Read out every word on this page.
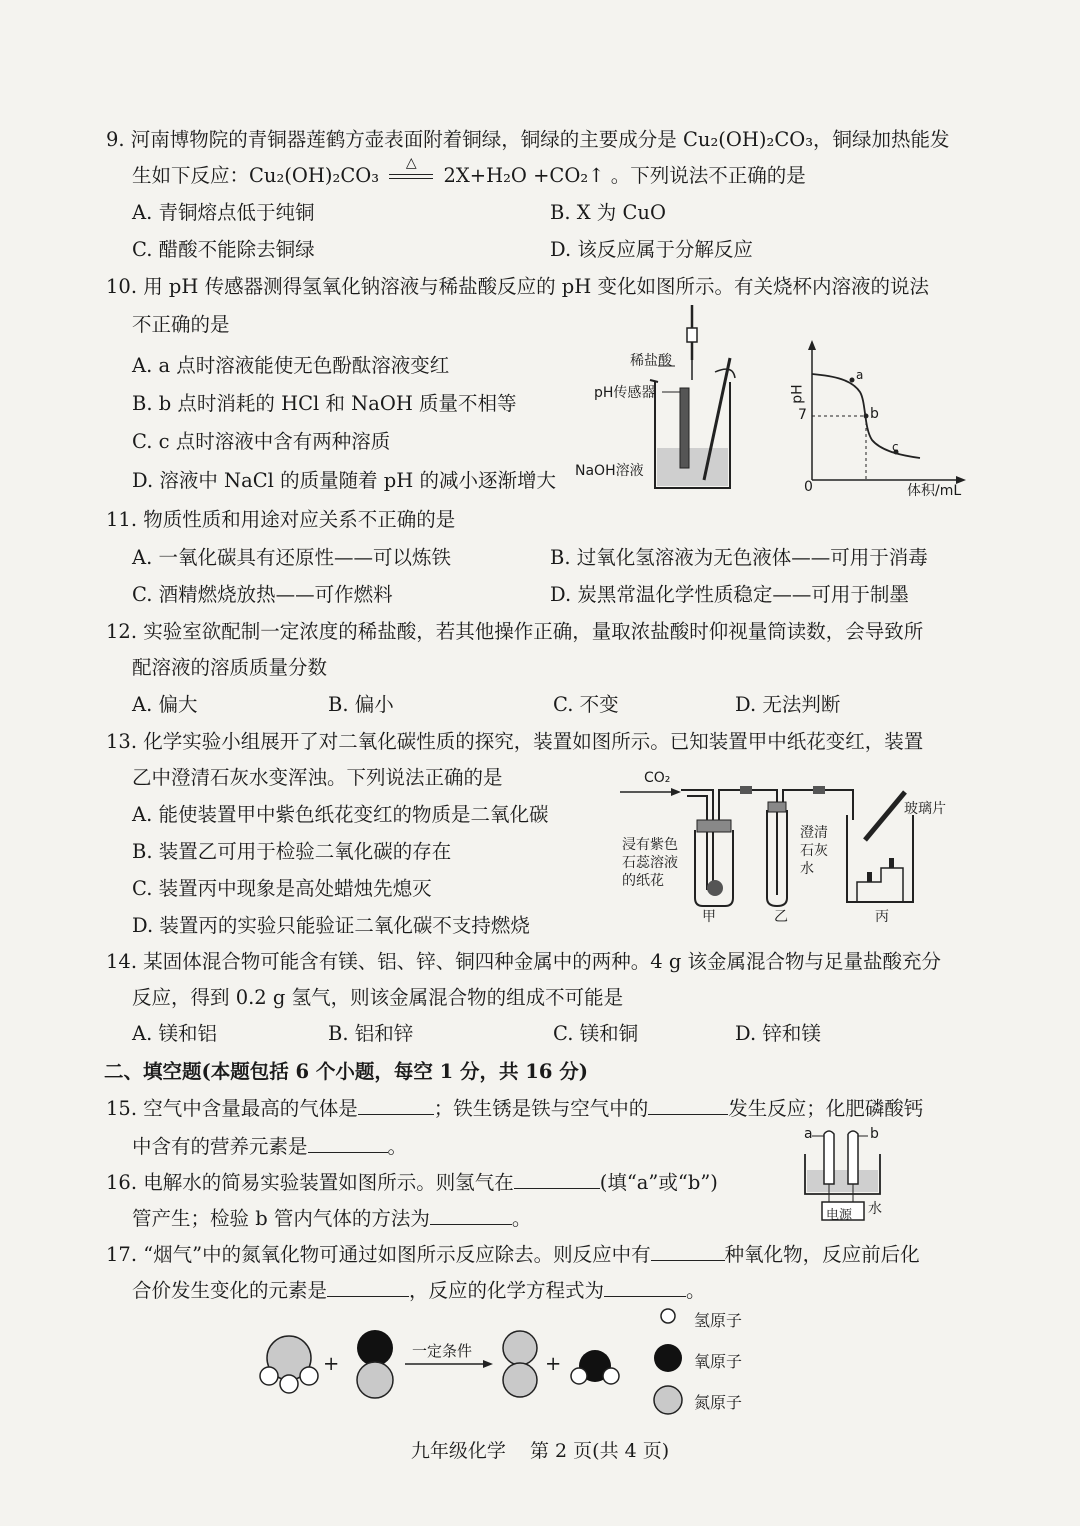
9. 河南博物院的青铜器莲鹤方壶表面附着铜绿，铜绿的主要成分是 Cu₂(OH)₂CO₃，铜绿加热能发
生如下反应：Cu₂(OH)₂CO₃
△
2X+H₂O +CO₂↑ 。下列说法不正确的是
A. 青铜熔点低于纯铜	B. X 为 CuO
C. 醋酸不能除去铜绿	D. 该反应属于分解反应
10. 用 pH 传感器测得氢氧化钠溶液与稀盐酸反应的 pH 变化如图所示。有关烧杯内溶液的说法
不正确的是
A. a 点时溶液能使无色酚酞溶液变红
B. b 点时消耗的 HCl 和 NaOH 质量不相等
C. c 点时溶液中含有两种溶质
D. 溶液中 NaCl 的质量随着 pH 的减小逐渐增大
稀盐酸
pH传感器
NaOH溶液
pH
7
0	体积/mL
a
b
c
11. 物质性质和用途对应关系不正确的是
A. 一氧化碳具有还原性——可以炼铁	B. 过氧化氢溶液为无色液体——可用于消毒
C. 酒精燃烧放热——可作燃料	D. 炭黑常温化学性质稳定——可用于制墨
12. 实验室欲配制一定浓度的稀盐酸，若其他操作正确，量取浓盐酸时仰视量筒读数，会导致所
配溶液的溶质质量分数
A. 偏大	B. 偏小	C. 不变	D. 无法判断
13. 化学实验小组展开了对二氧化碳性质的探究，装置如图所示。已知装置甲中纸花变红，装置
乙中澄清石灰水变浑浊。下列说法正确的是
A. 能使装置甲中紫色纸花变红的物质是二氧化碳
B. 装置乙可用于检验二氧化碳的存在
C. 装置丙中现象是高处蜡烛先熄灭
D. 装置丙的实验只能验证二氧化碳不支持燃烧
CO₂
玻璃片
浸有紫色
石蕊溶液
的纸花
澄清
石灰
水
甲	乙	丙
14. 某固体混合物可能含有镁、铝、锌、铜四种金属中的两种。4 g 该金属混合物与足量盐酸充分
反应，得到 0.2 g 氢气，则该金属混合物的组成不可能是
A. 镁和铝	B. 铝和锌	C. 镁和铜	D. 锌和镁
二、填空题(本题包括 6 个小题，每空 1 分，共 16 分)
15. 空气中含量最高的气体是	；铁生锈是铁与空气中的	发生反应；化肥磷酸钙
中含有的营养元素是	。
16. 电解水的简易实验装置如图所示。则氢气在	(填“a”或“b”)
管产生；检验 b 管内气体的方法为	。
a	b
电源 水
17. “烟气”中的氮氧化物可通过如图所示反应除去。则反应中有	种氧化物，反应前后化
合价发生变化的元素是	，反应的化学方程式为	。
+	+
一定条件
氢原子
氧原子
氮原子
九年级化学    第 2 页(共 4 页)
